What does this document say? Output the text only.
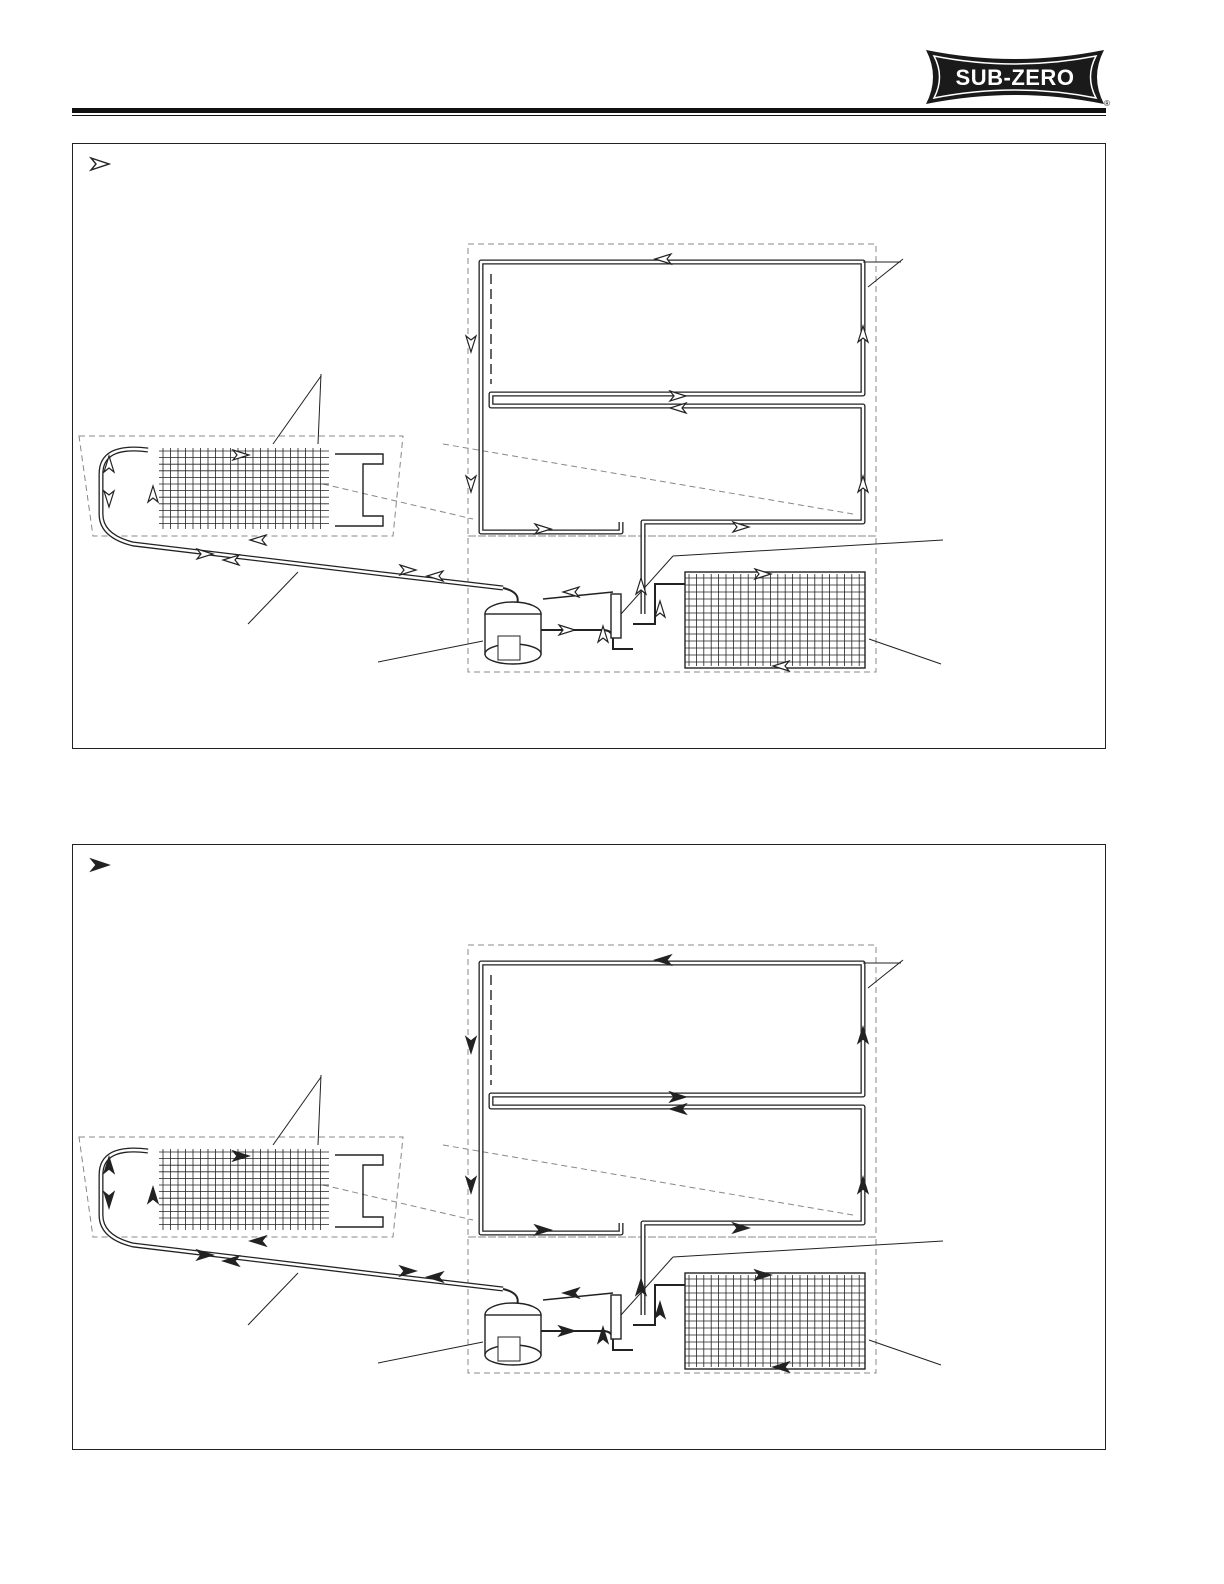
SUB-ZERO
®
